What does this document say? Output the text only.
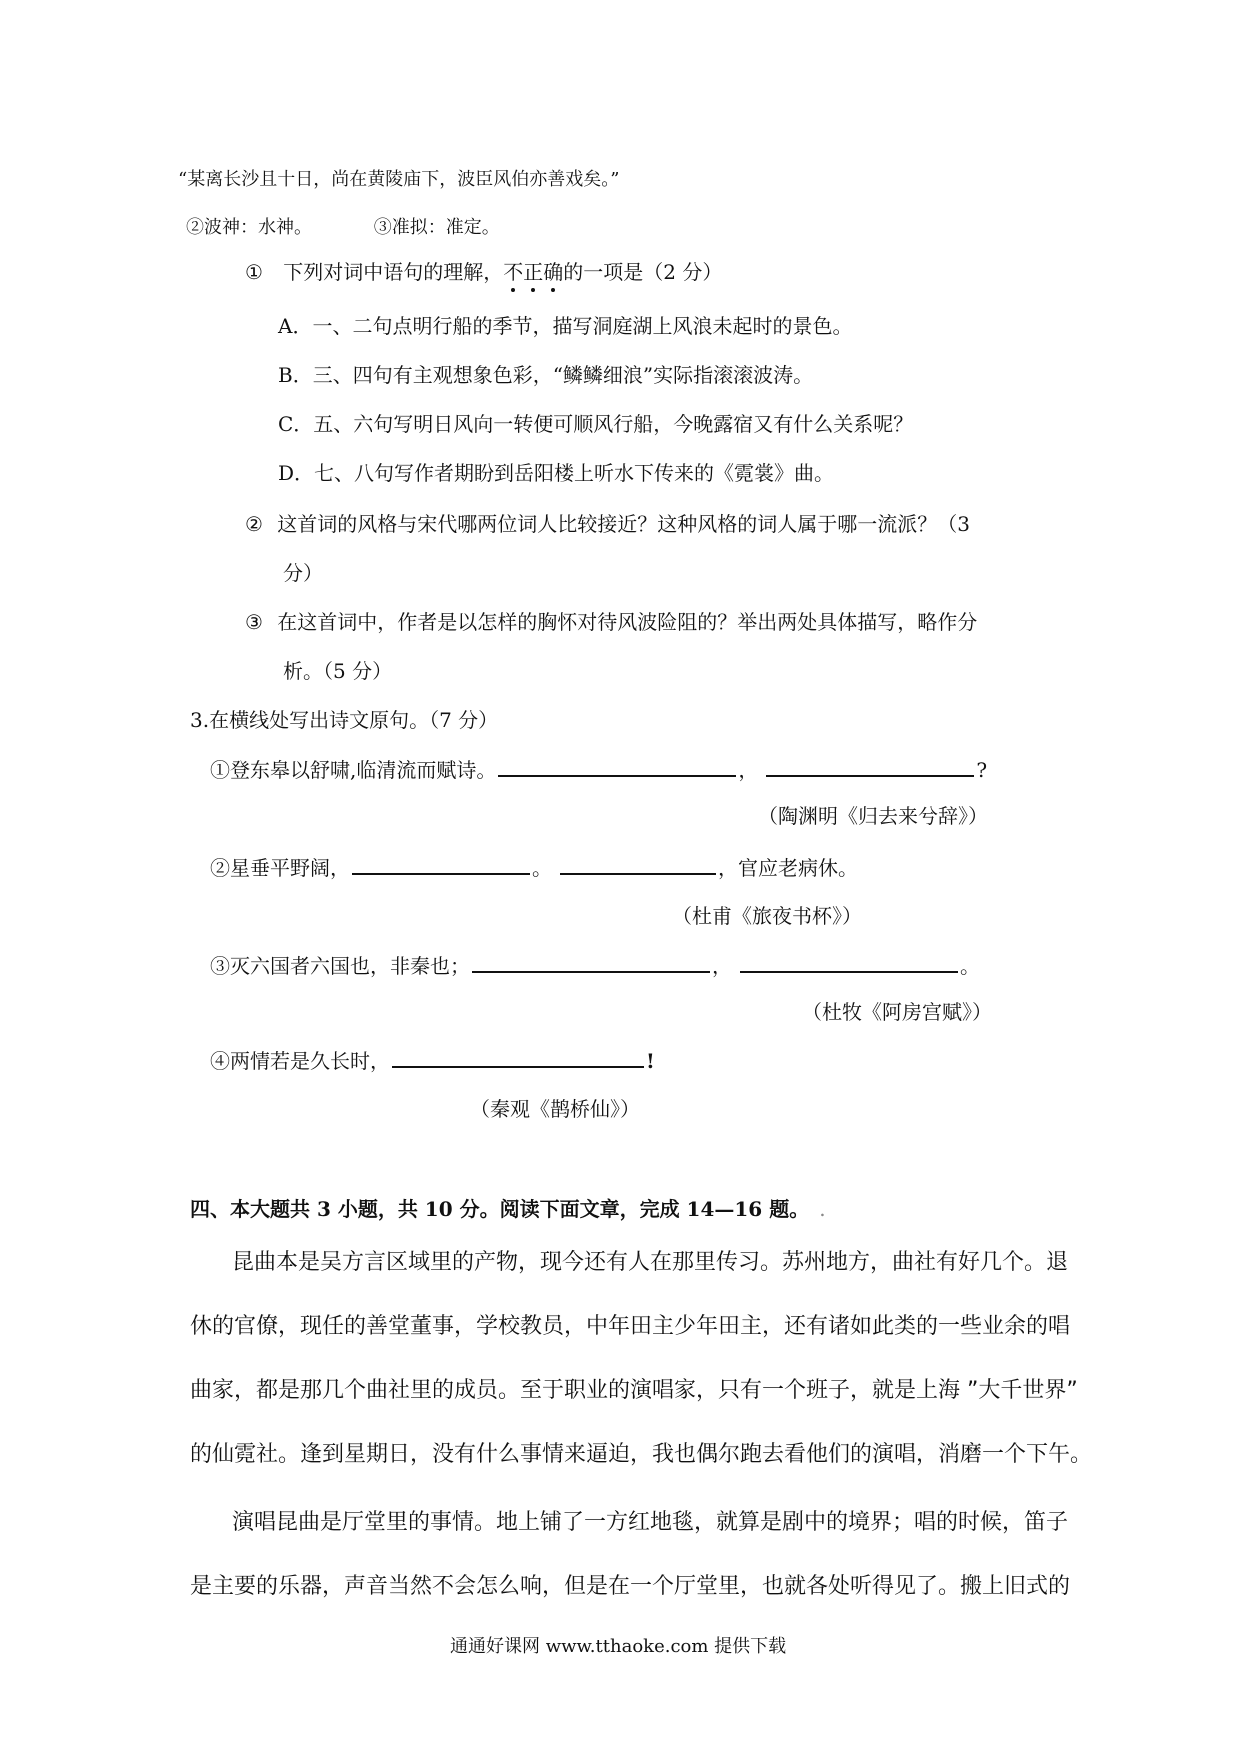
“某离长沙且十日，尚在黄陵庙下，波臣风伯亦善戏矣。”
②波神：水神。	③准拟：准定。
① 下列对词中语句的理解，不正确的一项是（2 分）
A．一、二句点明行船的季节，描写洞庭湖上风浪未起时的景色。
B．三、四句有主观想象色彩，“鳞鳞细浪”实际指滚滚波涛。
C．五、六句写明日风向一转便可顺风行船，今晚露宿又有什么关系呢？
D．七、八句写作者期盼到岳阳楼上听水下传来的《霓裳》曲。
② 这首词的风格与宋代哪两位词人比较接近？这种风格的词人属于哪一流派？（3
分）
③ 在这首词中，作者是以怎样的胸怀对待风波险阻的？举出两处具体描写，略作分
析。（5 分）
3.在横线处写出诗文原句。（7 分）
①登东皋以舒啸,临清流而赋诗。	，	?
（陶渊明《归去来兮辞》）
②星垂平野阔，	。	，官应老病休。
（杜甫《旅夜书杯》）
③灭六国者六国也，非秦也；	，	。
（杜牧《阿房宫赋》）
④两情若是久长时，	!
（秦观《鹊桥仙》）
四、本大题共 3 小题，共 10 分。阅读下面文章，完成 14—16 题。 .
昆曲本是吴方言区域里的产物，现今还有人在那里传习。苏州地方，曲社有好几个。退
休的官僚，现任的善堂董事，学校教员，中年田主少年田主，还有诸如此类的一些业余的唱
曲家，都是那几个曲社里的成员。至于职业的演唱家，只有一个班子，就是上海 ”大千世界”
的仙霓社。逢到星期日，没有什么事情来逼迫，我也偶尔跑去看他们的演唱，消磨一个下午。
演唱昆曲是厅堂里的事情。地上铺了一方红地毯，就算是剧中的境界；唱的时候，笛子
是主要的乐器，声音当然不会怎么响，但是在一个厅堂里，也就各处听得见了。搬上旧式的
通通好课网 www.tthaoke.com 提供下载
